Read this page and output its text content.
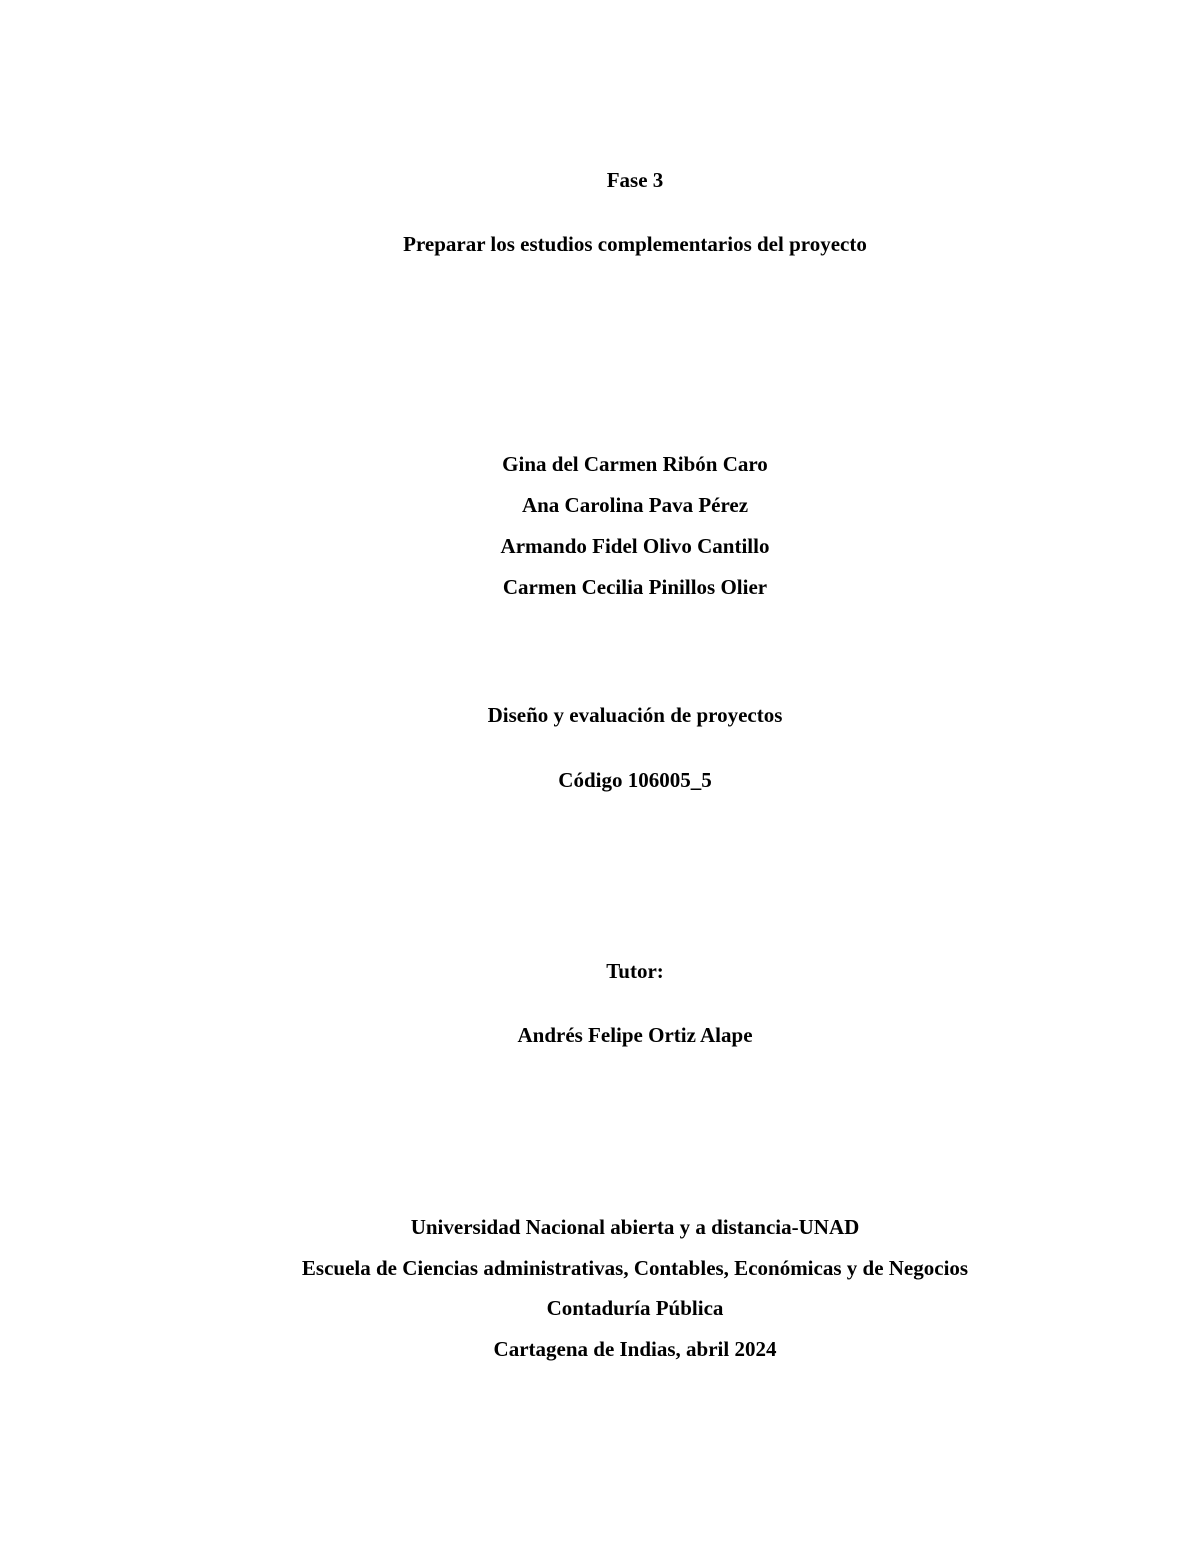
Fase 3
Preparar los estudios complementarios del proyecto
Gina del Carmen Ribón Caro
Ana Carolina Pava Pérez
Armando Fidel Olivo Cantillo
Carmen Cecilia Pinillos Olier
Diseño y evaluación de proyectos
Código 106005_5
Tutor:
Andrés Felipe Ortiz Alape
Universidad Nacional abierta y a distancia-UNAD
Escuela de Ciencias administrativas, Contables, Económicas y de Negocios
Contaduría Pública
Cartagena de Indias, abril 2024
